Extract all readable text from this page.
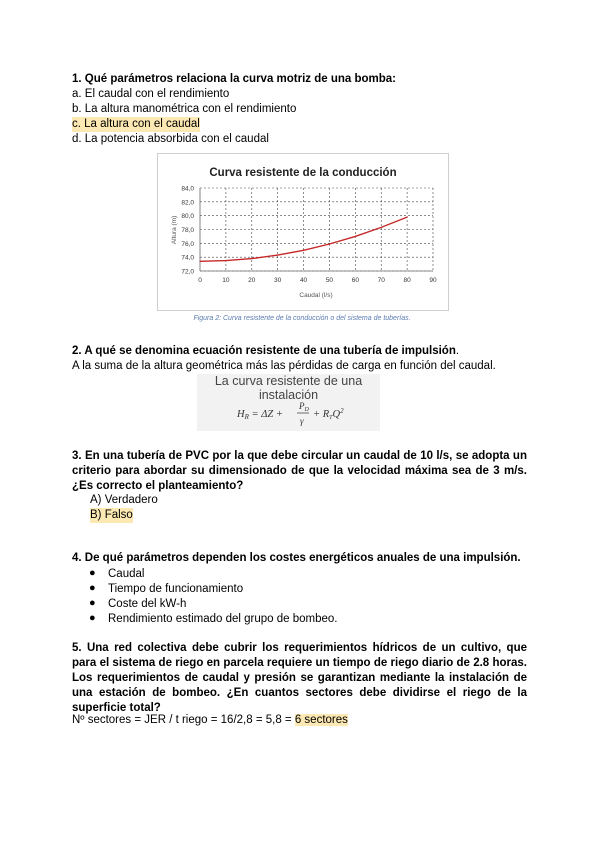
1. Qué parámetros relaciona la curva motriz de una bomba:
a. El caudal con el rendimiento
b. La altura manométrica con el rendimiento
c. La altura con el caudal
d. La potencia absorbida con el caudal
Curva resistente de la conducción
72,0
74,0
76,0
78,0
80,0
82,0
84,0
0	10	20	30	40	50	60	70	80	90
Caudal (l/s)
Altura (m)
Figura 2: Curva resistente de la conducción o del sistema de tuberías.
2. A qué se denomina ecuación resistente de una tubería de impulsión.
A la suma de la altura geométrica más las pérdidas de carga en función del caudal.
La curva resistente de una instalación
HR = ΔZ +
$P_D$
γ
+ $RTQ^2$
3. En una tubería de PVC por la que debe circular un caudal de 10 l/s, se adopta un criterio para abordar su dimensionado de que la velocidad máxima sea de 3 m/s. ¿Es correcto el planteamiento?
A) Verdadero
B) Falso
4. De qué parámetros dependen los costes energéticos anuales de una impulsión.
● Caudal
● Tiempo de funcionamiento
● Coste del kW-h
● Rendimiento estimado del grupo de bombeo.
5. Una red colectiva debe cubrir los requerimientos hídricos de un cultivo, que para el sistema de riego en parcela requiere un tiempo de riego diario de 2.8 horas. Los requerimientos de caudal y presión se garantizan mediante la instalación de una estación de bombeo. ¿En cuantos sectores debe dividirse el riego de la superficie total?
Nº sectores = JER / t riego = 16/2,8 = 5,8 = 6 sectores
